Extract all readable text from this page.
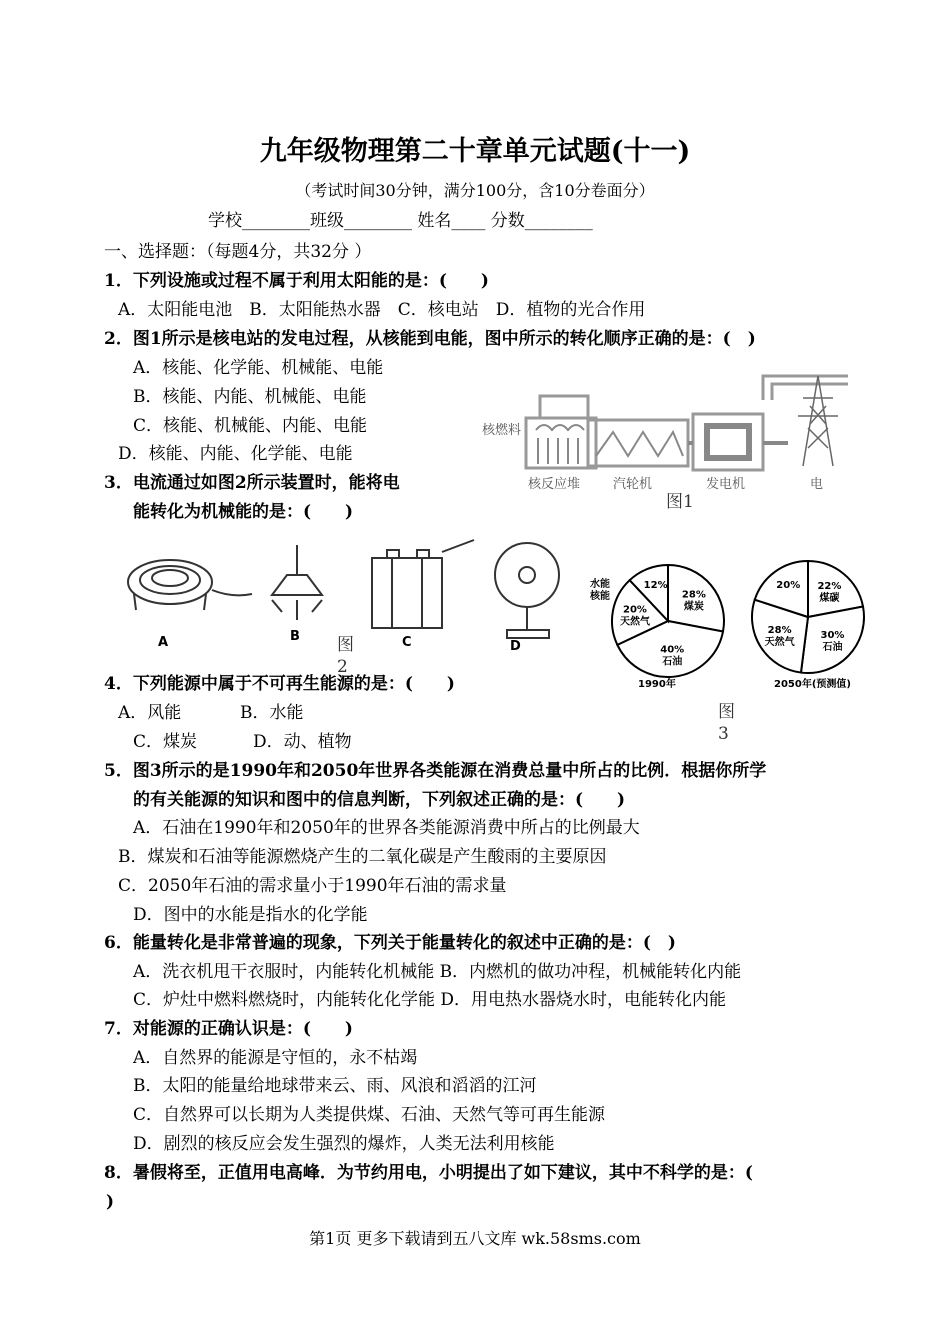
九年级物理第二十章单元试题(十一)
（考试时间30分钟，满分100分，含10分卷面分）
学校________班级________ 姓名____ 分数________
一、选择题：（每题4分，共32分 ）
1．下列设施或过程不属于利用太阳能的是：(　　)
A．太阳能电池　B．太阳能热水器　C．核电站　D．植物的光合作用
2．图1所示是核电站的发电过程，从核能到电能，图中所示的转化顺序正确的是：(　)
A．核能、化学能、机械能、电能
B．核能、内能、机械能、电能
C．核能、机械能、内能、电能
D．核能、内能、化学能、电能
3．电流通过如图2所示装置时，能将电
能转化为机械能的是：(　　)
核燃料
核反应堆	汽轮机	发电机	电
图1
A	B	C	D
图
2
28%
煤炭
40%
石油
20%
天然气
12%	22%
煤碳
30%
石油
28%
天然气
20%
水能
核能
1990年	2050年(预测值)
图
3
4．下列能源中属于不可再生能源的是：(　　)
A．风能	B．水能
C．煤炭	D．动、植物
5．图3所示的是1990年和2050年世界各类能源在消费总量中所占的比例．根据你所学
的有关能源的知识和图中的信息判断，下列叙述正确的是：(　　)
A．石油在1990年和2050年的世界各类能源消费中所占的比例最大
B．煤炭和石油等能源燃烧产生的二氧化碳是产生酸雨的主要原因
C．2050年石油的需求量小于1990年石油的需求量
D．图中的水能是指水的化学能
6．能量转化是非常普遍的现象，下列关于能量转化的叙述中正确的是：(　)
A．洗衣机甩干衣服时，内能转化机械能 B．内燃机的做功冲程，机械能转化内能
C．炉灶中燃料燃烧时，内能转化化学能 D．用电热水器烧水时，电能转化内能
7．对能源的正确认识是：(　　)
A．自然界的能源是守恒的，永不枯竭
B．太阳的能量给地球带来云、雨、风浪和滔滔的江河
C．自然界可以长期为人类提供煤、石油、天然气等可再生能源
D．剧烈的核反应会发生强烈的爆炸，人类无法利用核能
8．暑假将至，正值用电高峰．为节约用电，小明提出了如下建议，其中不科学的是：(
)
第1页 更多下载请到五八文库 wk.58sms.com
